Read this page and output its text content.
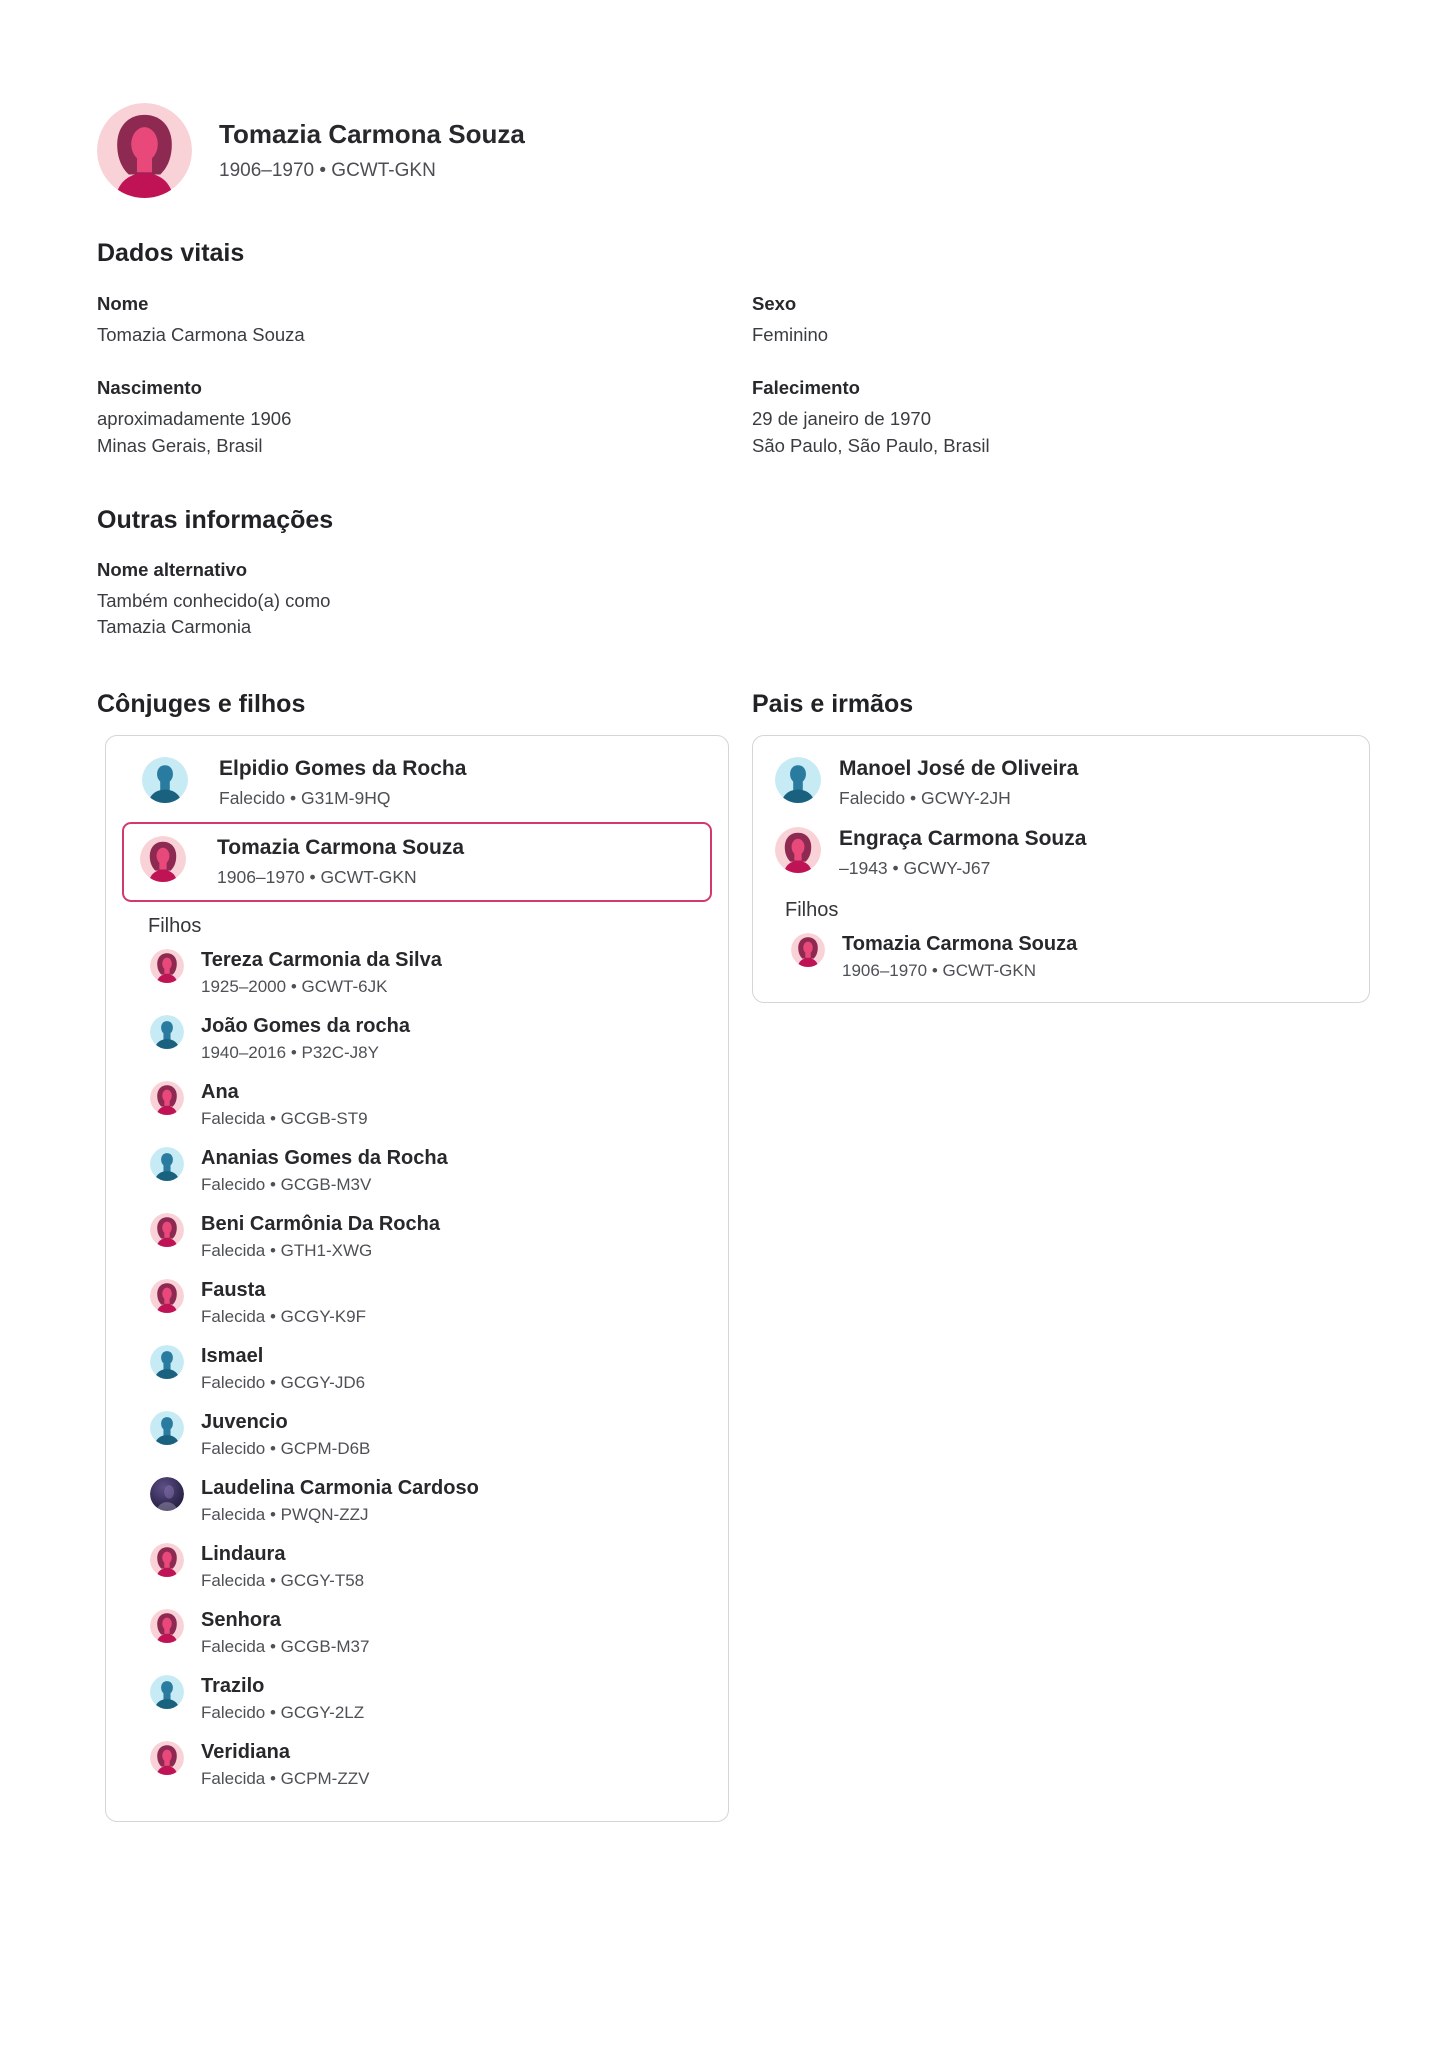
Tomazia Carmona Souza
1906–1970 • GCWT-GKN
Dados vitais
Nome
Tomazia Carmona Souza
Sexo
Feminino
Nascimento
aproximadamente 1906
Minas Gerais, Brasil
Falecimento
29 de janeiro de 1970
São Paulo, São Paulo, Brasil
Outras informações
Nome alternativo
Também conhecido(a) como
Tamazia Carmonia
Cônjuges e filhos
Elpidio Gomes da Rocha
Falecido • G31M-9HQ
Tomazia Carmona Souza
1906–1970 • GCWT-GKN
Filhos
Tereza Carmonia da Silva
1925–2000 • GCWT-6JK
João Gomes da rocha
1940–2016 • P32C-J8Y
Ana
Falecida • GCGB-ST9
Ananias Gomes da Rocha
Falecido • GCGB-M3V
Beni Carmônia Da Rocha
Falecida • GTH1-XWG
Fausta
Falecida • GCGY-K9F
Ismael
Falecido • GCGY-JD6
Juvencio
Falecido • GCPM-D6B
Laudelina Carmonia Cardoso
Falecida • PWQN-ZZJ
Lindaura
Falecida • GCGY-T58
Senhora
Falecida • GCGB-M37
Trazilo
Falecido • GCGY-2LZ
Veridiana
Falecida • GCPM-ZZV
Pais e irmãos
Manoel José de Oliveira
Falecido • GCWY-2JH
Engraça Carmona Souza
–1943 • GCWY-J67
Filhos
Tomazia Carmona Souza
1906–1970 • GCWT-GKN
